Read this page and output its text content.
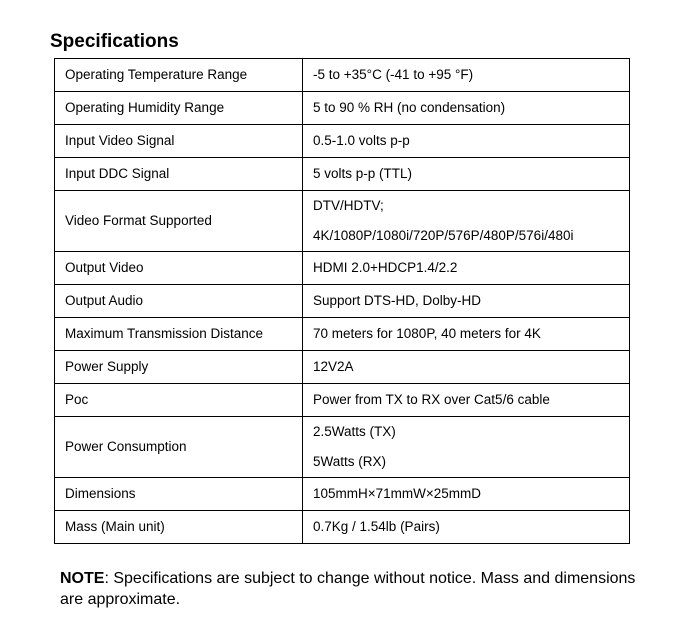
Specifications
Operating Temperature Range	-5 to +35°C (-41 to +95 °F)

Operating Humidity Range	5 to 90 % RH (no condensation)

Input Video Signal	0.5-1.0 volts p-p

Input DDC Signal	5 volts p-p (TTL)

Video Format Supported	DTV/HDTV;
4K/1080P/1080i/720P/576P/480P/576i/480i

Output Video	HDMI 2.0+HDCP1.4/2.2

Output Audio	Support DTS-HD, Dolby-HD

Maximum Transmission Distance	70 meters for 1080P, 40 meters for 4K

Power Supply	12V2A

Poc	Power from TX to RX over Cat5/6 cable

Power Consumption	2.5Watts (TX)
5Watts (RX)

Dimensions	105mmH×71mmW×25mmD

Mass (Main unit)	0.7Kg / 1.54lb (Pairs)
NOTE: Specifications are subject to change without notice. Mass and dimensions are approximate.
